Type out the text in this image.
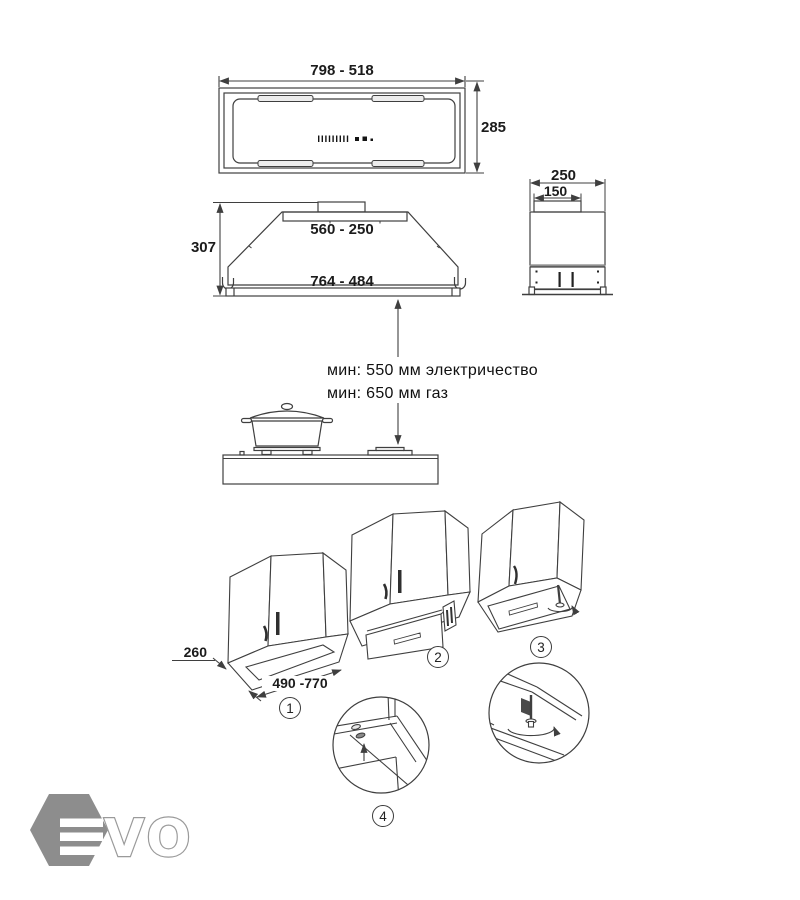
VO
798 - 518
285
307
560 - 250
764 - 484
250
150
мин: 550 мм электричество
мин: 650 мм газ
260
490 -770
1
2
3
4
